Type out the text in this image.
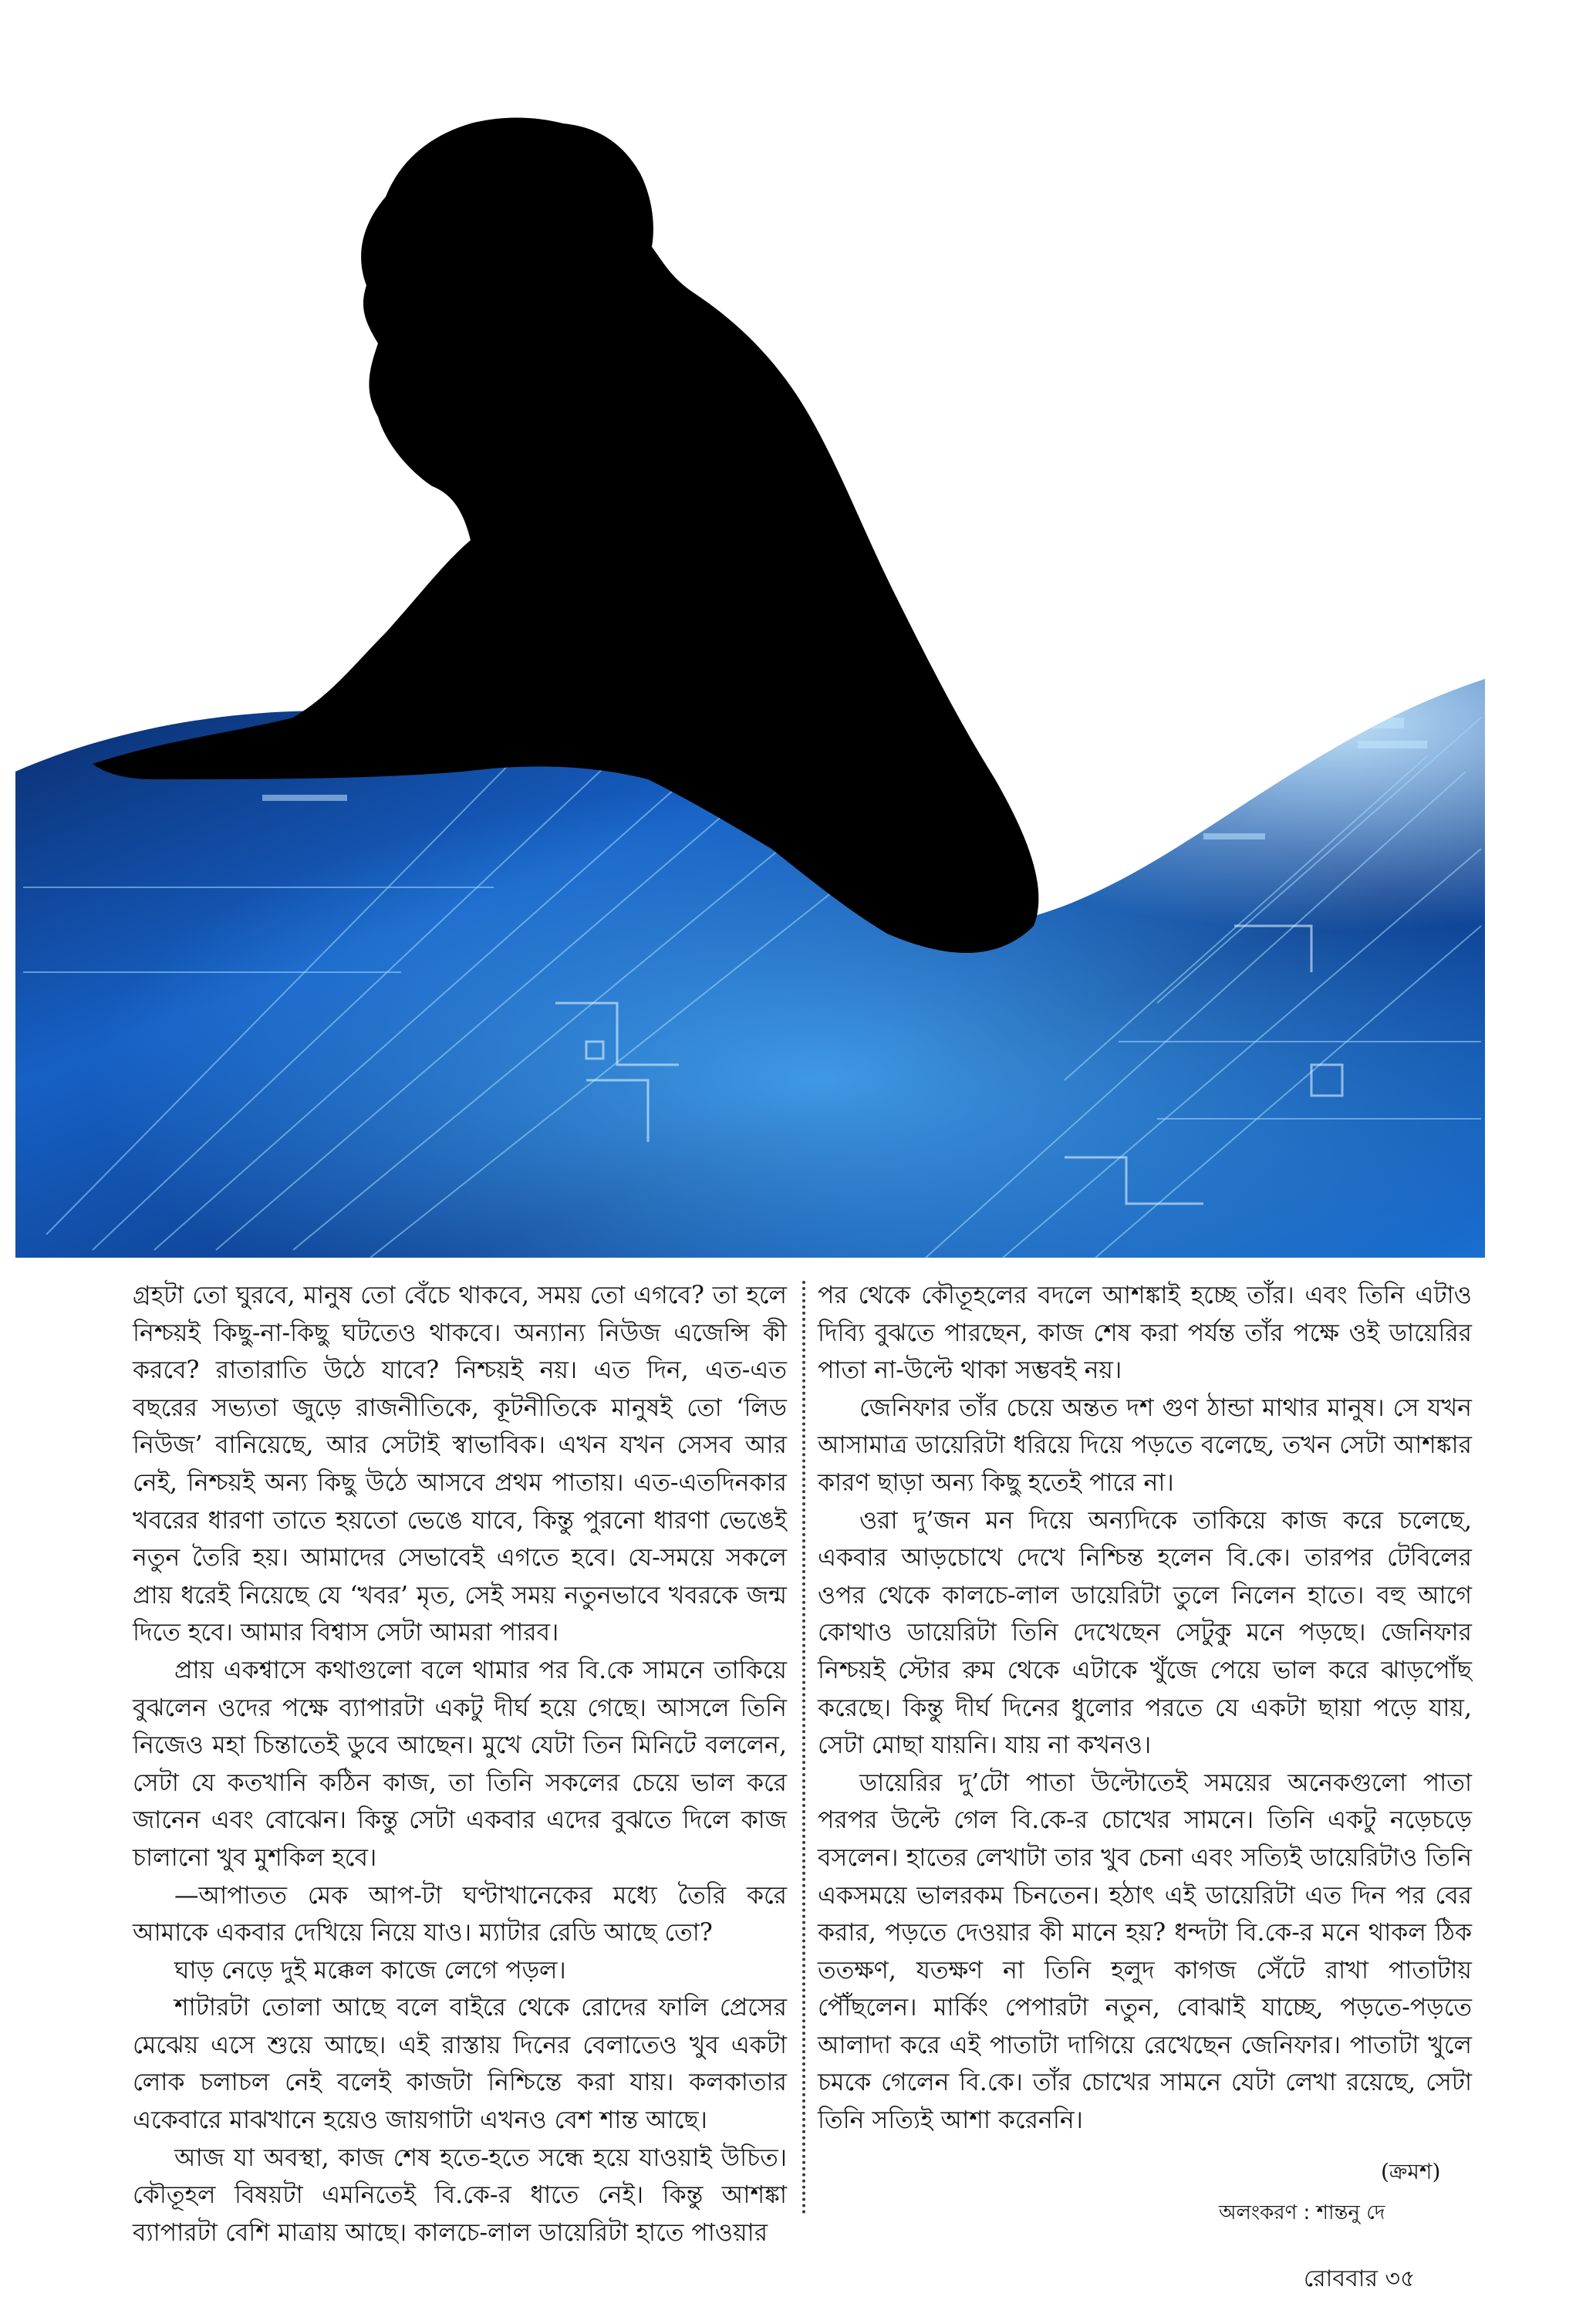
গ্রহটা তো ঘুরবে, মানুষ তো বেঁচে থাকবে, সময় তো এগবে? তা হলে নিশ্চয়ই কিছু-না-কিছু ঘটতেও থাকবে। অন্যান্য নিউজ এজেন্সি কী করবে? রাতারাতি উঠে যাবে? নিশ্চয়ই নয়। এত দিন, এত-এত বছরের সভ্যতা জুড়ে রাজনীতিকে, কূটনীতিকে মানুষই তো ‘লিড নিউজ’ বানিয়েছে, আর সেটাই স্বাভাবিক। এখন যখন সেসব আর নেই, নিশ্চয়ই অন্য কিছু উঠে আসবে প্রথম পাতায়। এত-এতদিনকার খবরের ধারণা তাতে হয়তো ভেঙে যাবে, কিন্তু পুরনো ধারণা ভেঙেই নতুন তৈরি হয়। আমাদের সেভাবেই এগতে হবে। যে-সময়ে সকলে প্রায় ধরেই নিয়েছে যে ‘খবর’ মৃত, সেই সময় নতুনভাবে খবরকে জন্ম দিতে হবে। আমার বিশ্বাস সেটা আমরা পারব।

প্রায় একশ্বাসে কথাগুলো বলে থামার পর বি.কে সামনে তাকিয়ে বুঝলেন ওদের পক্ষে ব্যাপারটা একটু দীর্ঘ হয়ে গেছে। আসলে তিনি নিজেও মহা চিন্তাতেই ডুবে আছেন। মুখে যেটা তিন মিনিটে বললেন, সেটা যে কতখানি কঠিন কাজ, তা তিনি সকলের চেয়ে ভাল করে জানেন এবং বোঝেন। কিন্তু সেটা একবার এদের বুঝতে দিলে কাজ চালানো খুব মুশকিল হবে।

—আপাতত মেক আপ-টা ঘণ্টাখানেকের মধ্যে তৈরি করে আমাকে একবার দেখিয়ে নিয়ে যাও। ম্যাটার রেডি আছে তো?

ঘাড় নেড়ে দুই মক্কেল কাজে লেগে পড়ল।

শাটারটা তোলা আছে বলে বাইরে থেকে রোদের ফালি প্রেসের মেঝেয় এসে শুয়ে আছে। এই রাস্তায় দিনের বেলাতেও খুব একটা লোক চলাচল নেই বলেই কাজটা নিশ্চিন্তে করা যায়। কলকাতার একেবারে মাঝখানে হয়েও জায়গাটা এখনও বেশ শান্ত আছে।

আজ যা অবস্থা, কাজ শেষ হতে-হতে সন্ধে হয়ে যাওয়াই উচিত। কৌতূহল বিষয়টা এমনিতেই বি.কে-র ধাতে নেই। কিন্তু আশঙ্কা ব্যাপারটা বেশি মাত্রায় আছে। কালচে-লাল ডায়েরিটা হাতে পাওয়ার

পর থেকে কৌতূহলের বদলে আশঙ্কাই হচ্ছে তাঁর। এবং তিনি এটাও দিব্যি বুঝতে পারছেন, কাজ শেষ করা পর্যন্ত তাঁর পক্ষে ওই ডায়েরির পাতা না-উল্টে থাকা সম্ভবই নয়।

জেনিফার তাঁর চেয়ে অন্তত দশ গুণ ঠান্ডা মাথার মানুষ। সে যখন আসামাত্র ডায়েরিটা ধরিয়ে দিয়ে পড়তে বলেছে, তখন সেটা আশঙ্কার কারণ ছাড়া অন্য কিছু হতেই পারে না।

ওরা দু’জন মন দিয়ে অন্যদিকে তাকিয়ে কাজ করে চলেছে, একবার আড়চোখে দেখে নিশ্চিন্ত হলেন বি.কে। তারপর টেবিলের ওপর থেকে কালচে-লাল ডায়েরিটা তুলে নিলেন হাতে। বহু আগে কোথাও ডায়েরিটা তিনি দেখেছেন সেটুকু মনে পড়ছে। জেনিফার নিশ্চয়ই স্টোর রুম থেকে এটাকে খুঁজে পেয়ে ভাল করে ঝাড়পোঁছ করেছে। কিন্তু দীর্ঘ দিনের ধুলোর পরতে যে একটা ছায়া পড়ে যায়, সেটা মোছা যায়নি। যায় না কখনও।

ডায়েরির দু’টো পাতা উল্টোতেই সময়ের অনেকগুলো পাতা পরপর উল্টে গেল বি.কে-র চোখের সামনে। তিনি একটু নড়েচড়ে বসলেন। হাতের লেখাটা তার খুব চেনা এবং সত্যিই ডায়েরিটাও তিনি একসময়ে ভালরকম চিনতেন। হঠাৎ এই ডায়েরিটা এত দিন পর বের করার, পড়তে দেওয়ার কী মানে হয়? ধন্দটা বি.কে-র মনে থাকল ঠিক ততক্ষণ, যতক্ষণ না তিনি হলুদ কাগজ সেঁটে রাখা পাতাটায় পৌঁছলেন। মার্কিং পেপারটা নতুন, বোঝাই যাচ্ছে, পড়তে-পড়তে আলাদা করে এই পাতাটা দাগিয়ে রেখেছেন জেনিফার। পাতাটা খুলে চমকে গেলেন বি.কে। তাঁর চোখের সামনে যেটা লেখা রয়েছে, সেটা তিনি সত্যিই আশা করেননি।

(ক্রমশ)
অলংকরণ : শান্তনু দে
রোববার ৩৫
